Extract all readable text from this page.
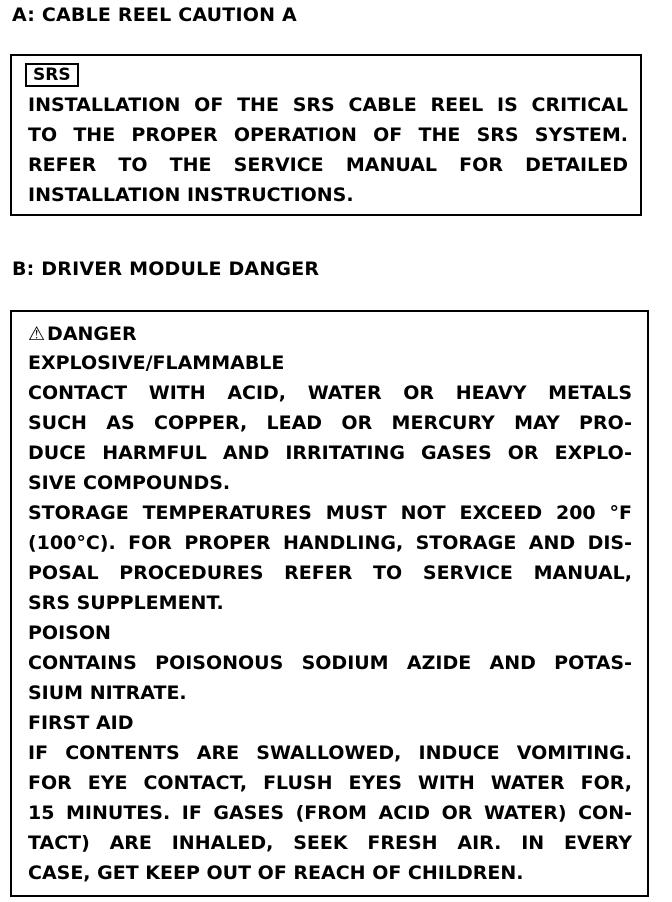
A: CABLE REEL CAUTION A
SRS
INSTALLATION OF THE SRS CABLE REEL IS CRITICAL
TO THE PROPER OPERATION OF THE SRS SYSTEM.
REFER TO THE SERVICE MANUAL FOR DETAILED
INSTALLATION INSTRUCTIONS.
B: DRIVER MODULE DANGER
⚠ DANGER
EXPLOSIVE/FLAMMABLE
CONTACT WITH ACID, WATER OR HEAVY METALS
SUCH AS COPPER, LEAD OR MERCURY MAY PRO-
DUCE HARMFUL AND IRRITATING GASES OR EXPLO-
SIVE COMPOUNDS.
STORAGE TEMPERATURES MUST NOT EXCEED 200 °F
(100°C). FOR PROPER HANDLING, STORAGE AND DIS-
POSAL PROCEDURES REFER TO SERVICE MANUAL,
SRS SUPPLEMENT.
POISON
CONTAINS POISONOUS SODIUM AZIDE AND POTAS-
SIUM NITRATE.
FIRST AID
IF CONTENTS ARE SWALLOWED, INDUCE VOMITING.
FOR EYE CONTACT, FLUSH EYES WITH WATER FOR,
15 MINUTES. IF GASES (FROM ACID OR WATER) CON-
TACT) ARE INHALED, SEEK FRESH AIR. IN EVERY
CASE, GET KEEP OUT OF REACH OF CHILDREN.
